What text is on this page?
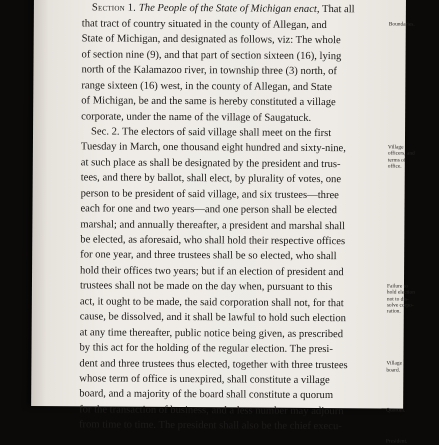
Section 1. The People of the State of Michigan enact, That all
that tract of country situated in the county of Allegan, and
State of Michigan, and designated as follows, viz: The whole
of section nine (9), and that part of section sixteen (16), lying
north of the Kalamazoo river, in township three (3) north, of
range sixteen (16) west, in the county of Allegan, and State
of Michigan, be and the same is hereby constituted a village
corporate, under the name of the village of Saugatuck.
Sec. 2. The electors of said village shall meet on the first
Tuesday in March, one thousand eight hundred and sixty-nine,
at such place as shall be designated by the president and trus-
tees, and there by ballot, shall elect, by plurality of votes, one
person to be president of said village, and six trustees—three
each for one and two years—and one person shall be elected
marshal; and annually thereafter, a president and marshal shall
be elected, as aforesaid, who shall hold their respective offices
for one year, and three trustees shall be so elected, who shall
hold their offices two years; but if an election of president and
trustees shall not be made on the day when, pursuant to this
act, it ought to be made, the said corporation shall not, for that
cause, be dissolved, and it shall be lawful to hold such election
at any time thereafter, public notice being given, as prescribed
by this act for the holding of the regular election. The presi-
dent and three trustees thus elected, together with three trustees
whose term of office is unexpired, shall constitute a village
board, and a majority of the board shall constitute a quorum
for the transaction of business, and a less number may adjourn
from time to time. The president shall also be the chief execu-
Boundaries.
Village
officers, and
terms of
office.
Failure to
hold election
not to dis-
solve corpo-
ration.
Village
board.
Quorum.
President.
